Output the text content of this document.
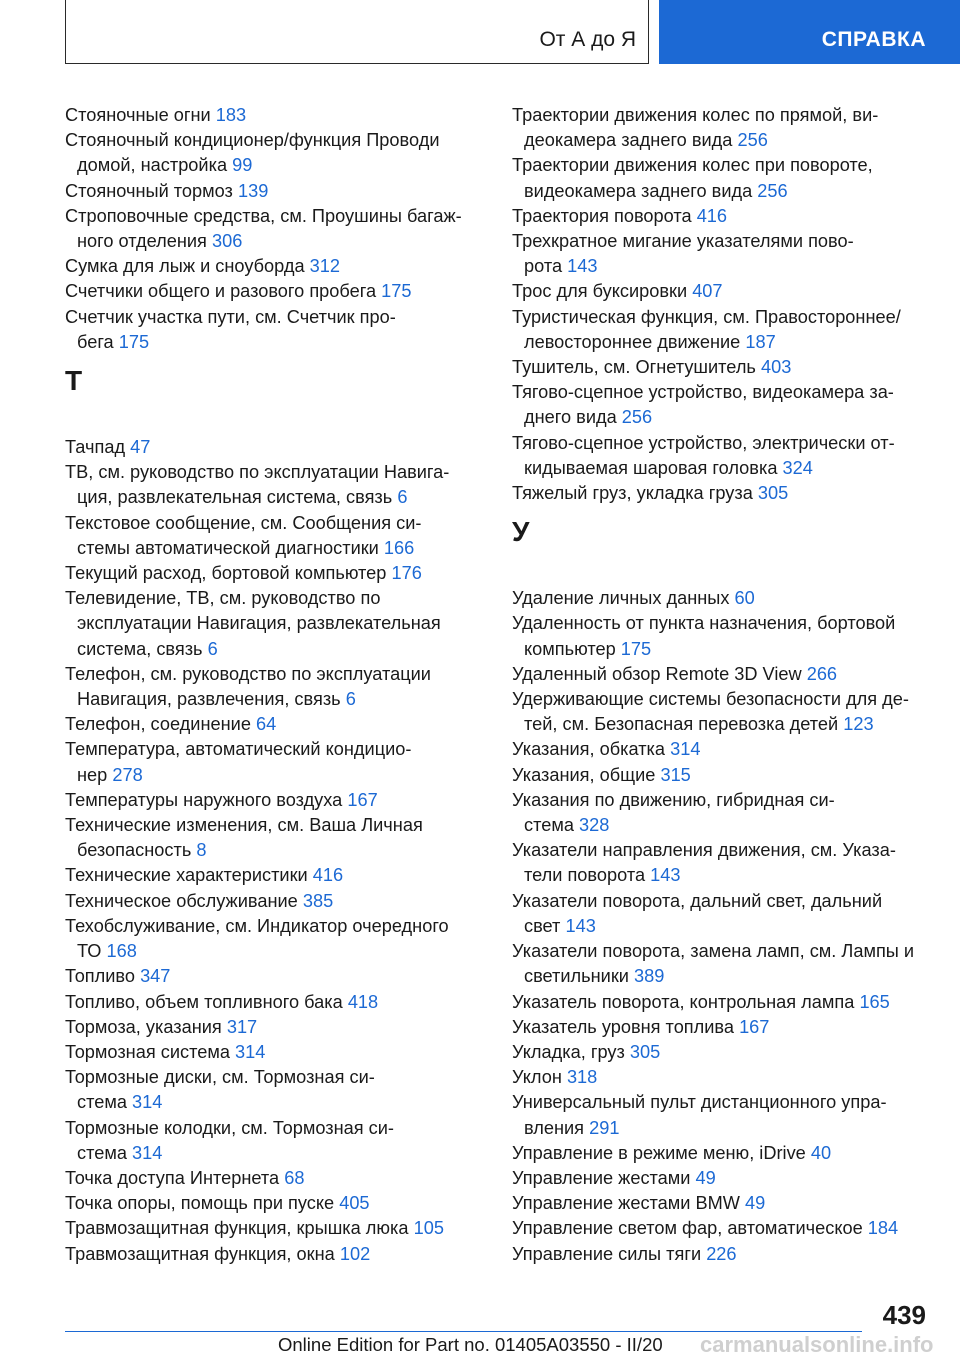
От А до Я	СПРАВКА
Стояночные огни 183
Стояночный кондиционер/функция Проводи
домой, настройка 99
Стояночный тормоз 139
Строповочные средства, см. Проушины багаж-
ного отделения 306
Сумка для лыж и сноуборда 312
Счетчики общего и разового пробега 175
Счетчик участка пути, см. Счетчик про-
бега 175
Т
Тачпад 47
ТВ, см. руководство по эксплуатации Навига-
ция, развлекательная система, связь 6
Текстовое сообщение, см. Сообщения си-
стемы автоматической диагностики 166
Текущий расход, бортовой компьютер 176
Телевидение, ТВ, см. руководство по
эксплуатации Навигация, развлекательная
система, связь 6
Телефон, см. руководство по эксплуатации
Навигация, развлечения, связь 6
Телефон, соединение 64
Температура, автоматический кондицио-
нер 278
Температуры наружного воздуха 167
Технические изменения, см. Ваша Личная
безопасность 8
Технические характеристики 416
Техническое обслуживание 385
Техобслуживание, см. Индикатор очередного
ТО 168
Топливо 347
Топливо, объем топливного бака 418
Тормоза, указания 317
Тормозная система 314
Тормозные диски, см. Тормозная си-
стема 314
Тормозные колодки, см. Тормозная си-
стема 314
Точка доступа Интернета 68
Точка опоры, помощь при пуске 405
Травмозащитная функция, крышка люка 105
Травмозащитная функция, окна 102
Траектории движения колес по прямой, ви-
деокамера заднего вида 256
Траектории движения колес при повороте,
видеокамера заднего вида 256
Траектория поворота 416
Трехкратное мигание указателями пово-
рота 143
Трос для буксировки 407
Туристическая функция, см. Правостороннее/
левостороннее движение 187
Тушитель, см. Огнетушитель 403
Тягово-сцепное устройство, видеокамера за-
днего вида 256
Тягово-сцепное устройство, электрически от-
кидываемая шаровая головка 324
Тяжелый груз, укладка груза 305
У
Удаление личных данных 60
Удаленность от пункта назначения, бортовой
компьютер 175
Удаленный обзор Remote 3D View 266
Удерживающие системы безопасности для де-
тей, см. Безопасная перевозка детей 123
Указания, обкатка 314
Указания, общие 315
Указания по движению, гибридная си-
стема 328
Указатели направления движения, см. Указа-
тели поворота 143
Указатели поворота, дальний свет, дальний
свет 143
Указатели поворота, замена ламп, см. Лампы и
светильники 389
Указатель поворота, контрольная лампа 165
Указатель уровня топлива 167
Укладка, груз 305
Уклон 318
Универсальный пульт дистанционного упра-
вления 291
Управление в режиме меню, iDrive 40
Управление жестами 49
Управление жестами BMW 49
Управление светом фар, автоматическое 184
Управление силы тяги 226
439
Online Edition for Part no. 01405A03550 - II/20 carmanualsonline.info
